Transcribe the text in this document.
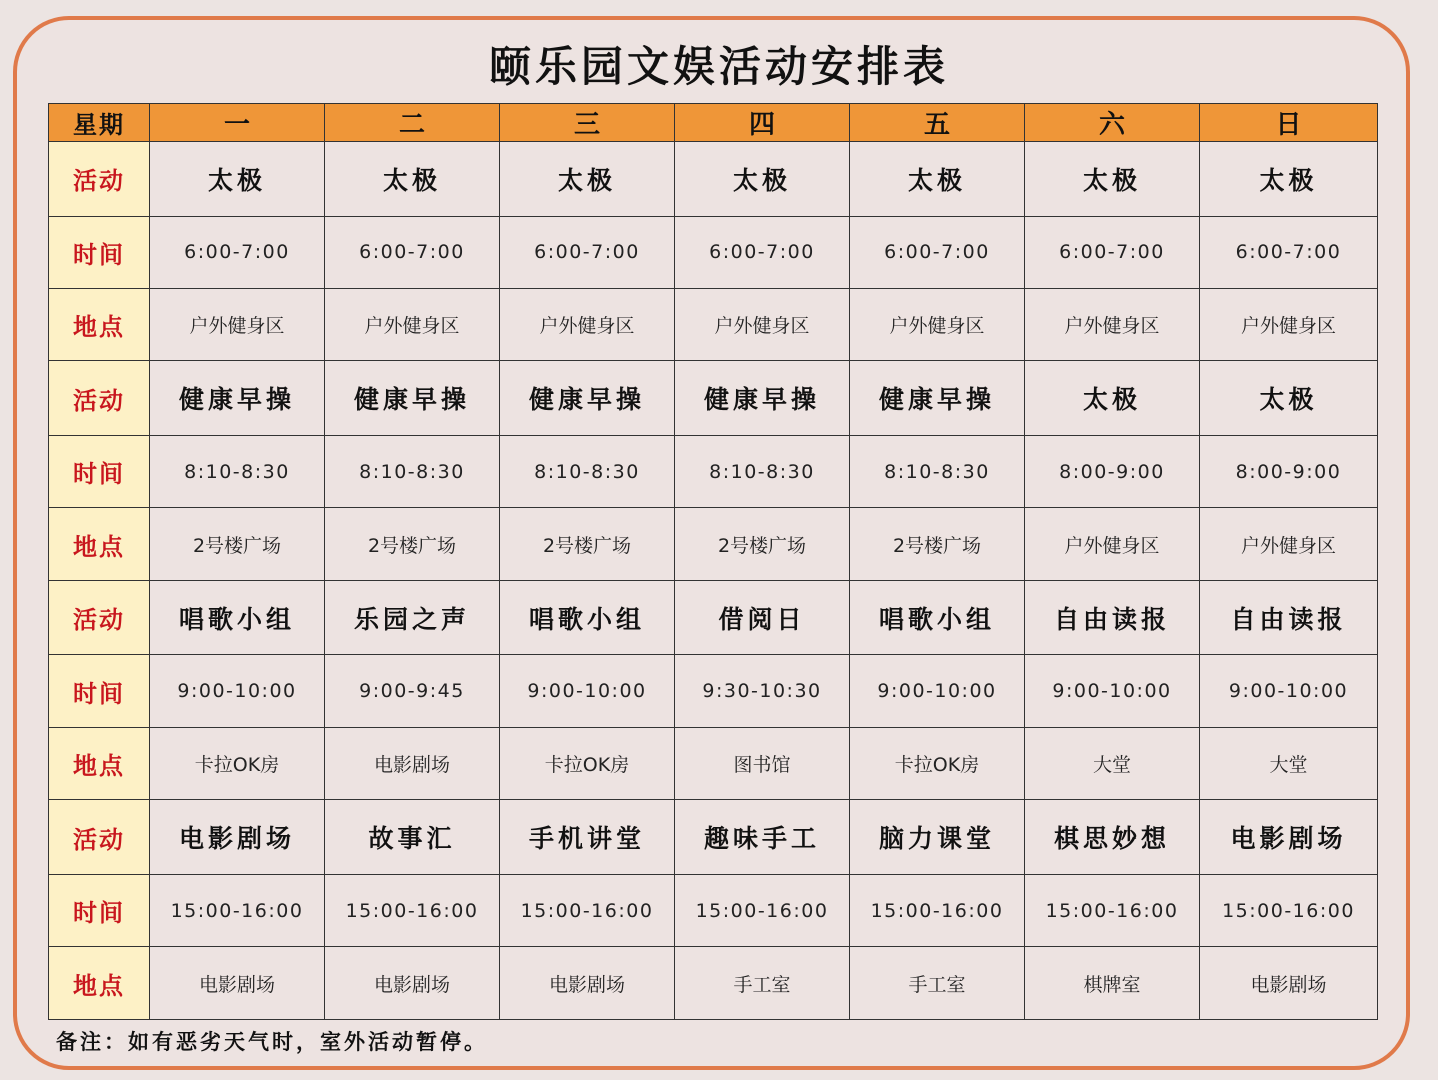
颐乐园文娱活动安排表
星期	一	二	三	四	五	六	日
活动	太极	太极	太极	太极	太极	太极	太极
时间	6:00-7:00	6:00-7:00	6:00-7:00	6:00-7:00	6:00-7:00	6:00-7:00	6:00-7:00
地点	户外健身区	户外健身区	户外健身区	户外健身区	户外健身区	户外健身区	户外健身区
活动	健康早操	健康早操	健康早操	健康早操	健康早操	太极	太极
时间	8:10-8:30	8:10-8:30	8:10-8:30	8:10-8:30	8:10-8:30	8:00-9:00	8:00-9:00
地点	2号楼广场	2号楼广场	2号楼广场	2号楼广场	2号楼广场	户外健身区	户外健身区
活动	唱歌小组	乐园之声	唱歌小组	借阅日	唱歌小组	自由读报	自由读报
时间	9:00-10:00	9:00-9:45	9:00-10:00	9:30-10:30	9:00-10:00	9:00-10:00	9:00-10:00
地点	卡拉OK房	电影剧场	卡拉OK房	图书馆	卡拉OK房	大堂	大堂
活动	电影剧场	故事汇	手机讲堂	趣味手工	脑力课堂	棋思妙想	电影剧场
时间	15:00-16:00	15:00-16:00	15:00-16:00	15:00-16:00	15:00-16:00	15:00-16:00	15:00-16:00
地点	电影剧场	电影剧场	电影剧场	手工室	手工室	棋牌室	电影剧场
备注：如有恶劣天气时，室外活动暂停。
